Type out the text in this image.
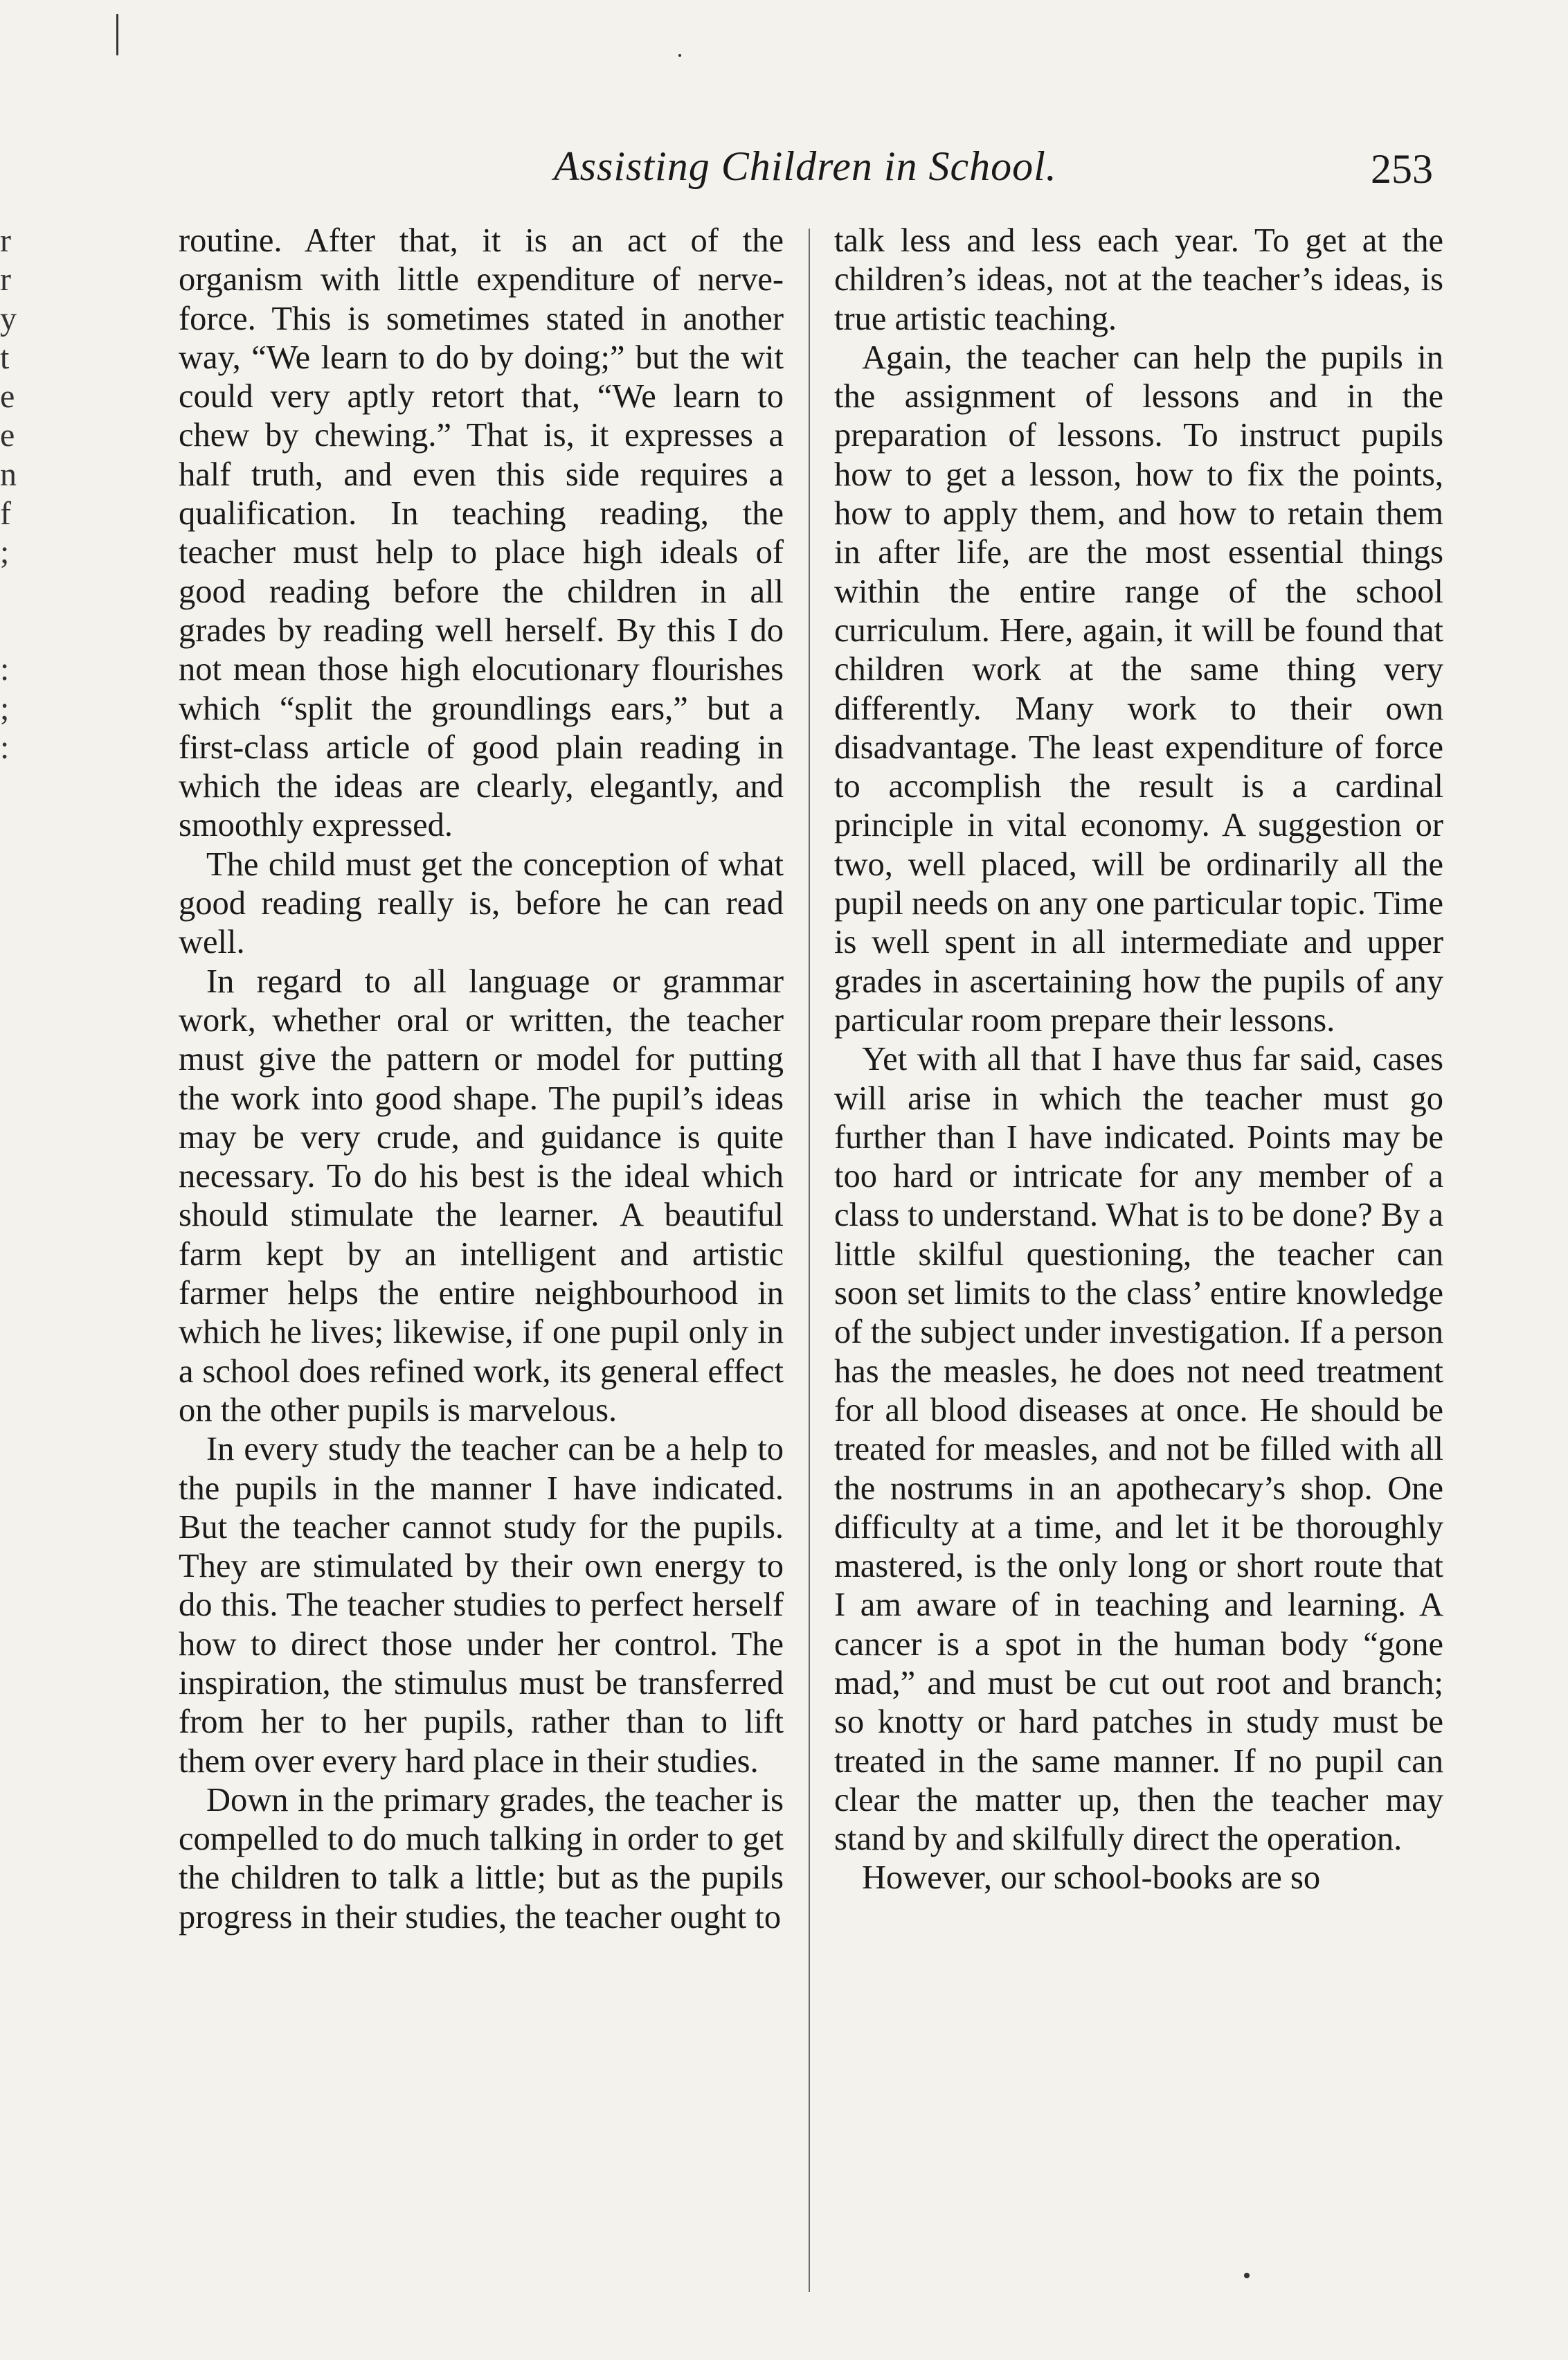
Assisting Children in School.	253
r
r
y
t
e
e
n
f
;
:
;
:

routine. After that, it is an act of the organism with little expenditure of nerve-force. This is sometimes stated in another way, “We learn to do by doing;” but the wit could very aptly retort that, “We learn to chew by chewing.” That is, it expresses a half truth, and even this side requires a qualification. In teaching reading, the teacher must help to place high ideals of good reading before the children in all grades by reading well herself. By this I do not mean those high elocutionary flourishes which “split the groundlings ears,” but a first-class article of good plain reading in which the ideas are clearly, elegantly, and smoothly expressed.

The child must get the conception of what good reading really is, before he can read well.

In regard to all language or grammar work, whether oral or written, the teacher must give the pattern or model for putting the work into good shape. The pupil’s ideas may be very crude, and guidance is quite necessary. To do his best is the ideal which should stimulate the learner. A beautiful farm kept by an intelligent and artistic farmer helps the entire neighbourhood in which he lives; likewise, if one pupil only in a school does refined work, its general effect on the other pupils is marvelous.

In every study the teacher can be a help to the pupils in the manner I have indicated. But the teacher cannot study for the pupils. They are stimulated by their own energy to do this. The teacher studies to perfect herself how to direct those under her control. The inspiration, the stimulus must be transferred from her to her pupils, rather than to lift them over every hard place in their studies.

Down in the primary grades, the teacher is compelled to do much talking in order to get the children to talk a little; but as the pupils progress in their studies, the teacher ought to

talk less and less each year. To get at the children’s ideas, not at the teacher’s ideas, is true artistic teaching.

Again, the teacher can help the pupils in the assignment of lessons and in the preparation of lessons. To instruct pupils how to get a lesson, how to fix the points, how to apply them, and how to retain them in after life, are the most essential things within the entire range of the school curriculum. Here, again, it will be found that children work at the same thing very differently. Many work to their own disadvantage. The least expenditure of force to accomplish the result is a cardinal principle in vital economy. A suggestion or two, well placed, will be ordinarily all the pupil needs on any one particular topic. Time is well spent in all intermediate and upper grades in ascertaining how the pupils of any particular room prepare their lessons.

Yet with all that I have thus far said, cases will arise in which the teacher must go further than I have indicated. Points may be too hard or intricate for any member of a class to understand. What is to be done? By a little skilful questioning, the teacher can soon set limits to the class’ entire knowledge of the subject under investigation. If a person has the measles, he does not need treatment for all blood diseases at once. He should be treated for measles, and not be filled with all the nostrums in an apothecary’s shop. One difficulty at a time, and let it be thoroughly mastered, is the only long or short route that I am aware of in teaching and learning. A cancer is a spot in the human body “gone mad,” and must be cut out root and branch; so knotty or hard patches in study must be treated in the same manner. If no pupil can clear the matter up, then the teacher may stand by and skilfully direct the operation.

However, our school-books are so
